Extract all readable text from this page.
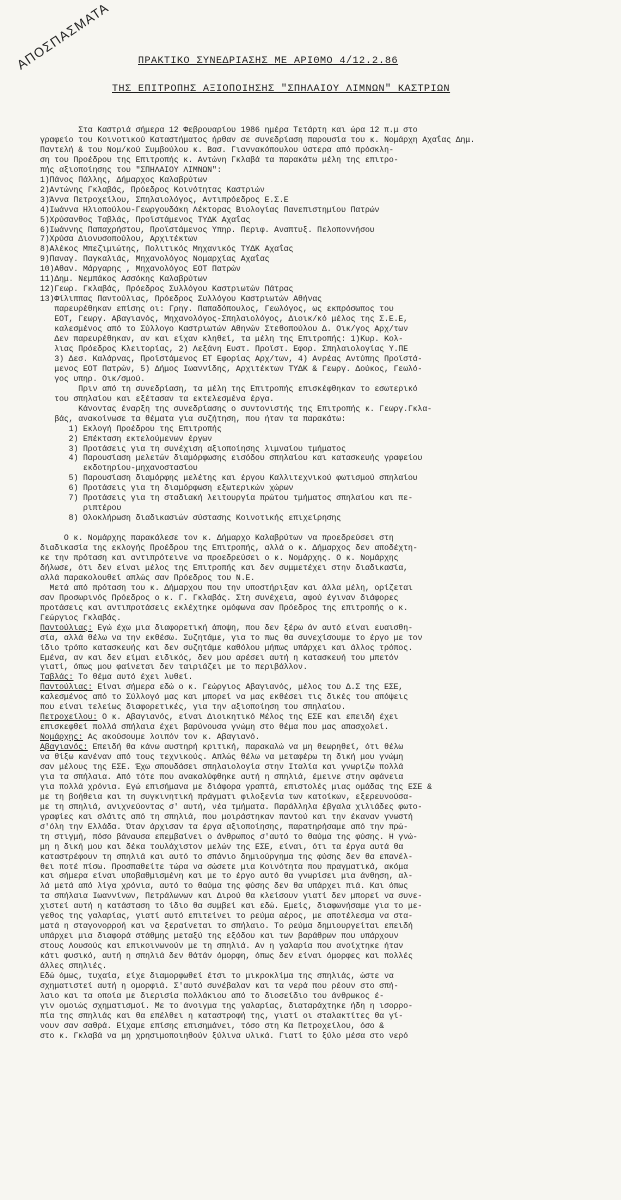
ΑΠΟΣΠΑΣΜΑΤΑ	ΠΡΑΚΤΙΚΟ ΣΥΝΕΔΡΙΑΣΗΣ ΜΕ ΑΡΙΘΜΟ 4/12.2.86
ΤΗΣ ΕΠΙΤΡΟΠΗΣ ΑΞΙΟΠΟΙΗΣΗΣ "ΣΠΗΛΑΙΟΥ ΛΙΜΝΩΝ" ΚΑΣΤΡΙΩΝ

Στα Καστριά σήμερα 12 Φεβρουαρίου 1986 ημέρα Τετάρτη και ώρα 12 π.μ στο

γραφείο του Κοινοτικού Καταστήματος ήρθαν σε συνεδρίαση παρουσία του κ. Νομάρχη Αχαΐας Δημ.

Παντελή & του Νομ/κού Συμβούλου κ. Βασ. Γιαννακόπουλου ύστερα από πρόσκλη-

ση του Προέδρου της Επιτροπής κ. Αντώνη Γκλαβά τα παρακάτω μέλη της επιτρο-

πής αξιοποίησης του "ΣΠΗΛΑΙΟΥ ΛΙΜΝΩΝ":

1)Πάνος Πάλλης, Δήμαρχος Καλαβρύτων

2)Αντώνης Γκλαβάς, Πρόεδρος Κοινότητας Καστριών

3)Άννα Πετροχείλου, Σπηλαιολόγος, Αντιπρόεδρος Ε.Σ.Ε

4)Ιωάννα Ηλιοπούλου-Γεωργουδάκη Λέκτορας Βιολογίας Πανεπιστημίου Πατρών

5)Χρύσανθος Ταβλάς, Προϊστάμενος ΤΥΔΚ Αχαΐας

6)Ιωάννης Παπαχρήστου, Προϊστάμενος Υπηρ. Περιφ. Αναπτυξ. Πελοποννήσου

7)Χρύσα Διονυσοπούλου, Αρχιτέκτων

8)Αλέκος Μπεζιμιώτης, Πολιτικός Μηχανικός ΤΥΔΚ Αχαΐας

9)Παναγ. Παγκαλιάς, Μηχανολόγος Νομαρχίας Αχαΐας

10)Αθαν. Μάργαρης , Μηχανολόγος ΕΟΤ Πατρών

11)Δημ. Νεμπάκος Ασσόκης Καλαβρύτων

12)Γεωρ. Γκλαβάς, Πρόεδρος Συλλόγου Καστριωτών Πάτρας

13)Φίλιππας Παντούλιας, Πρόεδρος Συλλόγου Καστριωτών Αθήνας

παρευρέθηκαν επίσης οι: Γρηγ. Παπαδόπουλος, Γεωλόγος, ως εκπρόσωπος του

ΕΟΤ, Γεωργ. Αβαγιανός, Μηχανολόγος-Σπηλαιολόγος, Διοικ/κό μέλος της Σ.Ε.Ε,

καλεσμένος από το Σύλλογο Καστριωτών Αθηνών Στεθοπούλου Δ. Οικ/γος Αρχ/των

Δεν παρευρέθηκαν, αν και είχαν κληθεί, τα μέλη της Επιτροπής: 1)Κυρ. Κολ-

λιας Πρόεδρος Κλειτορίας, 2) Λεξάνη Ευστ. Προϊστ. Εφορ. Σπηλαιολογίας Υ.ΠΕ

3) Δεσ. Καλάρνας, Προϊστάμενος ΕΤ Εφορίας Αρχ/των, 4) Ανρέας Αντύπης Προϊστά-

μενος ΕΟΤ Πατρών, 5) Δήμος Ιωαννίδης, Αρχιτέκτων ΤΥΔΚ & Γεωργ. Δούκος, Γεωλό-

γος υπηρ. Οικ/σμού.

Πριν από τη συνεδρίαση, τα μέλη της Επιτροπής επισκέφθηκαν το εσωτερικό

του σπηλαίου και εξέτασαν τα εκτελεσμένα έργα.

Κάνοντας έναρξη της συνεδρίασης ο συντονιστής της Επιτροπής κ. Γεωργ.Γκλα-

βάς, ανακοίνωσε τα θέματα για συζήτηση, που ήταν τα παρακάτω:

1) Εκλογή Προέδρου της Επιτροπής

2) Επέκταση εκτελούμενων έργων

3) Προτάσεις για τη συνέχιση αξιοποίησης λιμναίου τμήματος

4) Παρουσίαση μελετών διαμόρφωσης εισόδου σπηλαίου και κατασκευής γραφείου

εκδοτηρίου-μηχανοστασίου

5) Παρουσίαση διαμόρφης μελέτης και έργου Καλλιτεχνικού φωτισμού σπηλαίου

6) Προτάσεις για τη διαμόρφωση εξωτερικών χώρων

7) Προτάσεις για τη σταδιακή λειτουργία πρώτου τμήματος σπηλαίου και πε-

ριπτέρου

8) Ολοκλήρωση διαδικασιών σύστασης Κοινοτικής επιχείρησης

Ο κ. Νομάρχης παρακάλεσε τον κ. Δήμαρχο Καλαβρύτων να προεδρεύσει στη

διαδικασία της εκλογής Προέδρου της Επιτροπής, αλλά ο κ. Δήμαρχος δεν αποδέχτη-

κε την πρόταση και αντιπρότεινε να προεδρεύσει ο κ. Νομάρχης. Ο κ. Νομάρχης

δήλωσε, ότι δεν είναι μέλος της Επιτροπής και δεν συμμετέχει στην διαδικασία,

αλλά παρακολουθεί απλώς σαν Πρόεδρος του Ν.Ε.

Μετά από πρόταση του κ. Δήμαρχου που την υποστήριξαν και άλλα μέλη, ορίζεται

σαν Προσωρινός Πρόεδρος ο κ. Γ. Γκλαβάς. Στη συνέχεια, αφού έγιναν διάφορες

προτάσεις και αντιπροτάσεις εκλέχτηκε ομόφωνα σαν Πρόεδρος της επιτροπής ο κ.

Γεώργιος Γκλαβάς.

Παντούλιας: Εγώ έχω μια διαφορετική άποψη, που δεν ξέρω άν αυτό είναι ευαισθη-

σία, αλλά θέλω να την εκθέσω. Συζητάμε, για το πως θα συνεχίσουμε το έργο με τον

ίδιο τρόπο κατασκευής και δεν συζητάμε καθόλου μήπως υπάρχει και άλλος τρόπος.

Εμένα, αν και δεν είμαι ειδικός, δεν μου αρέσει αυτή η κατασκευή του μπετόν

γιατί, όπως μου φαίνεται δεν ταιριάζει με το περιβάλλον.

Ταβλάς: Το θέμα αυτό έχει λυθεί.

Παντούλιας: Είναι σήμερα εδώ ο κ. Γεώργιος Αβαγιανός, μέλος του Δ.Σ της ΕΣΕ,

καλεσμένος από το Σύλλογό μας και μπορεί να μας εκθέσει τις δικές του απόψεις

που είναι τελείως διαφορετικές, για την αξιοποίηση του σπηλαίου.

Πετροχείλου: Ο κ. Αβαγιανός, είναι Διοικητικό Μέλος της ΕΣΕ και επειδή έχει

επισκεφθεί πολλά σπήλαια έχει βαρύνουσα γνώμη στο θέμα που μας απασχολεί.

Νομάρχης: Ας ακούσουμε λοιπόν τον κ. Αβαγιανό.

Αβαγιανός: Επειδή θα κάνω αυστηρή κριτική, παρακαλώ να μη θεωρηθεί, ότι θέλω

να θίξω κανέναν από τους τεχνικούς. Απλώς θέλω να μεταφέρω τη δική μου γνώμη

σαν μέλους της ΕΣΕ. Έχω σπουδάσει σπηλαιολογία στην Ιταλία και γνωρίζω πολλά

για τα σπήλαια. Από τότε που ανακαλύφθηκε αυτή η σπηλιά, έμεινε στην αφάνεια

για πολλά χρόνια. Εγώ επισήμανα με διάφορα γραπτά, επιστολές μιας ομάδας της ΕΣΕ &

με τη βοήθεια και τη συγκινητική πράγματι φιλοξενία των κατοίκων, εξερευνούσα-

με τη σπηλιά, ανιχνεύοντας σ' αυτή, νέα τμήματα. Παράλληλα έβγαλα χιλιάδες φωτο-

γραφίες και σλάιτς από τη σπηλιά, που μοιράστηκαν παντού και την έκαναν γνωστή

σ'όλη την Ελλάδα. Όταν άρχισαν τα έργα αξιοποίησης, παρατηρήσαμε από την πρώ-

τη στιγμή, πόσο βάναυσα επεμβαίνει ο άνθρωπος σ'αυτό το θαύμα της φύσης. Η γνώ-

μη η δική μου και δέκα τουλάχιστον μελών της ΕΣΕ, είναι, ότι τα έργα αυτά θα

καταστρέφουν τη σπηλιά και αυτό το σπάνιο δημιούργημα της φύσης δεν θα επανέλ-

θει ποτέ πίσω. Προσπαθείτε τώρα να σώσετε μια Κοινότητα που πραγματικά, ακόμα

και σήμερα είναι υποβαθμισμένη και με το έργο αυτό θα γνωρίσει μια άνθηση, αλ-

λά μετά από λίγα χρόνια, αυτό το θαύμα της φύσης δεν θα υπάρχει πιά. Και όπως

τα σπήλαια Ιωαννίνων, Πετράλωνων και Διρού θα κλείσουν γιατί δεν μπορεί να συνε-

χιστεί αυτή η κατάσταση το ίδιο θα συμβεί και εδώ. Εμείς, διαφωνήσαμε για το με-

γεθος της γαλαρίας, γιατί αυτό επιτείνει το ρεύμα αέρος, με αποτέλεσμα να στα-

ματά η σταγονορροή και να ξεραίνεται το σπήλαιο. Το ρεύμα δημιουργείται επειδή

υπάρχει μια διαφορά στάθμης μεταξύ της εξόδου και των βαράθρων που υπάρχουν

στους Λουσούς και επικοινωνούν με τη σπηλιά. Αν η γαλαρία που ανοίχτηκε ήταν

κάτι φυσικό, αυτή η σπηλιά δεν θάτάν όμορφη, όπως δεν είναι όμορφες και πολλές

άλλες σπηλιές.

Εδώ όμως, τυχαία, είχε διαμορφωθεί έτσι το μικροκλίμα της σπηλιάς, ώστε να

σχηματιστεί αυτή η ομορφιά. Σ'αυτό συνέβαλαν και τα νερά που ρέουν στο σπή-

λαιο και τα οποία με διερισία πολλάκιου από το διοσείδιο του άνθρωκος έ-

γιν ομοιώς σχηματισμοί. Με το άνοιγμα της γαλαρίας, διαταράχτηκε ήδη η ισορρο-

πία της σπηλιάς και θα επέλθει η καταστροφή της, γιατί οι σταλακτίτες θα γί-

νουν σαν σαθρά. Είχαμε επίσης επισημάνει, τόσο στη Κα Πετροχείλου, όσο &

στο κ. Γκλαβά να μη χρησιμοποιηθούν ξύλινα υλικά. Γιατί το ξύλο μέσα στο νερό
